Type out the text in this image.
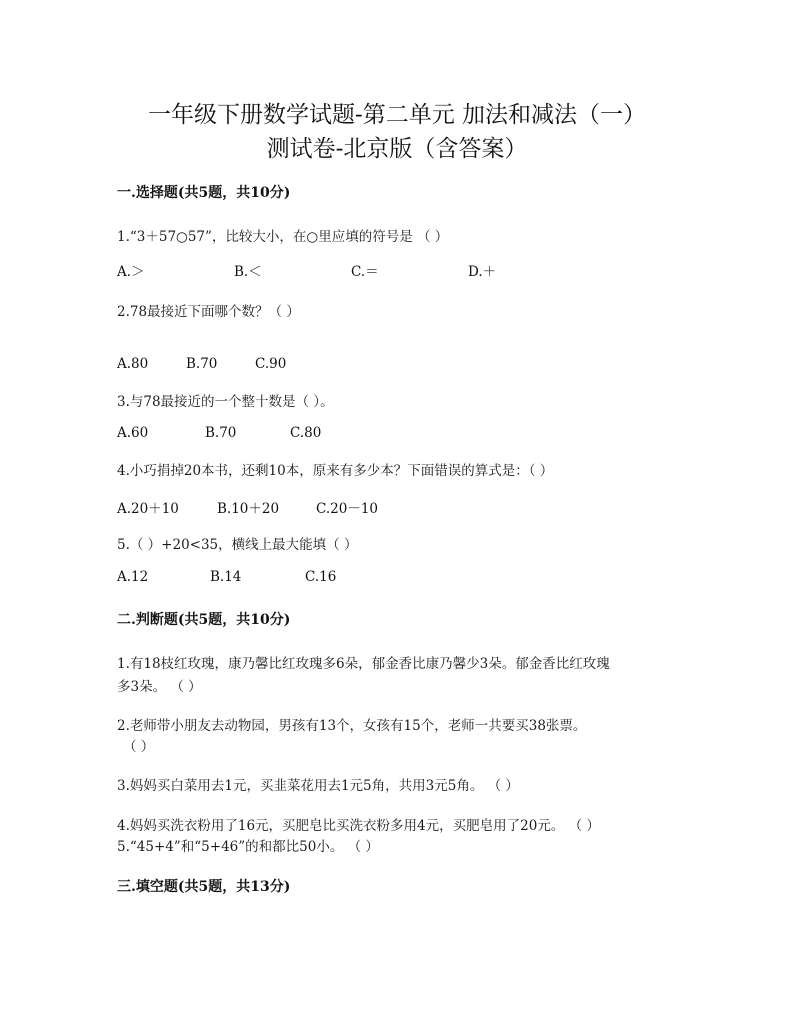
一年级下册数学试题-第二单元 加法和减法（一）
测试卷-北京版（含答案）
一.选择题(共5题，共10分)
1.“3＋57○57”，比较大小，在○里应填的符号是 （ ）
A.＞	B.＜	C.＝	D.＋
2.78最接近下面哪个数？（ ）
A.80	B.70	C.90
3.与78最接近的一个整十数是（ ）。
A.60	B.70	C.80
4.小巧捐掉20本书，还剩10本，原来有多少本？下面错误的算式是：（ ）
A.20＋10	B.10＋20	C.20－10
5.（ ）+20<35，横线上最大能填（ ）
A.12	B.14	C.16
二.判断题(共5题，共10分)
1.有18枝红玫瑰，康乃馨比红玫瑰多6朵，郁金香比康乃馨少3朵。郁金香比红玫瑰
多3朵。 （ ）
2.老师带小朋友去动物园，男孩有13个，女孩有15个，老师一共要买38张票。
（ ）
3.妈妈买白菜用去1元，买韭菜花用去1元5角，共用3元5角。 （ ）
4.妈妈买洗衣粉用了16元，买肥皂比买洗衣粉多用4元，买肥皂用了20元。 （ ）
5.“45+4”和“5+46”的和都比50小。 （ ）
三.填空题(共5题，共13分)
